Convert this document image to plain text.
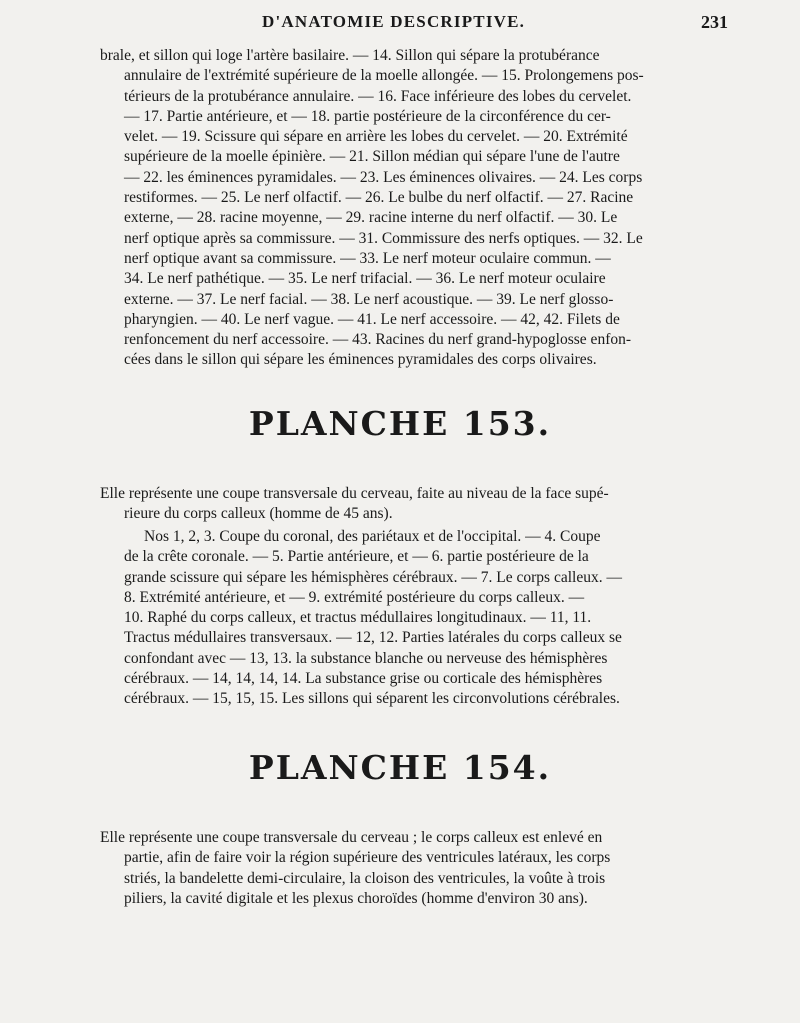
D'ANATOMIE DESCRIPTIVE.	231

brale, et sillon qui loge l'artère basilaire. — 14. Sillon qui sépare la protubérance

annulaire de l'extrémité supérieure de la moelle allongée. — 15. Prolongemens pos-

térieurs de la protubérance annulaire. — 16. Face inférieure des lobes du cervelet.

— 17. Partie antérieure, et — 18. partie postérieure de la circonférence du cer-

velet. — 19. Scissure qui sépare en arrière les lobes du cervelet. — 20. Extrémité

supérieure de la moelle épinière. — 21. Sillon médian qui sépare l'une de l'autre

— 22. les éminences pyramidales. — 23. Les éminences olivaires. — 24. Les corps

restiformes. — 25. Le nerf olfactif. — 26. Le bulbe du nerf olfactif. — 27. Racine

externe, — 28. racine moyenne, — 29. racine interne du nerf olfactif. — 30. Le

nerf optique après sa commissure. — 31. Commissure des nerfs optiques. — 32. Le

nerf optique avant sa commissure. — 33. Le nerf moteur oculaire commun. —

34. Le nerf pathétique. — 35. Le nerf trifacial. — 36. Le nerf moteur oculaire

externe. — 37. Le nerf facial. — 38. Le nerf acoustique. — 39. Le nerf glosso-

pharyngien. — 40. Le nerf vague. — 41. Le nerf accessoire. — 42, 42. Filets de

renfoncement du nerf accessoire. — 43. Racines du nerf grand-hypoglosse enfon-

cées dans le sillon qui sépare les éminences pyramidales des corps olivaires.

PLANCHE 153.

Elle représente une coupe transversale du cerveau, faite au niveau de la face supé-

rieure du corps calleux (homme de 45 ans).

Nos 1, 2, 3. Coupe du coronal, des pariétaux et de l'occipital. — 4. Coupe

de la crête coronale. — 5. Partie antérieure, et — 6. partie postérieure de la

grande scissure qui sépare les hémisphères cérébraux. — 7. Le corps calleux. —

8. Extrémité antérieure, et — 9. extrémité postérieure du corps calleux. —

10. Raphé du corps calleux, et tractus médullaires longitudinaux. — 11, 11.

Tractus médullaires transversaux. — 12, 12. Parties latérales du corps calleux se

confondant avec — 13, 13. la substance blanche ou nerveuse des hémisphères

cérébraux. — 14, 14, 14, 14. La substance grise ou corticale des hémisphères

cérébraux. — 15, 15, 15. Les sillons qui séparent les circonvolutions cérébrales.

PLANCHE 154.

Elle représente une coupe transversale du cerveau ; le corps calleux est enlevé en

partie, afin de faire voir la région supérieure des ventricules latéraux, les corps

striés, la bandelette demi-circulaire, la cloison des ventricules, la voûte à trois

piliers, la cavité digitale et les plexus choroïdes (homme d'environ 30 ans).
